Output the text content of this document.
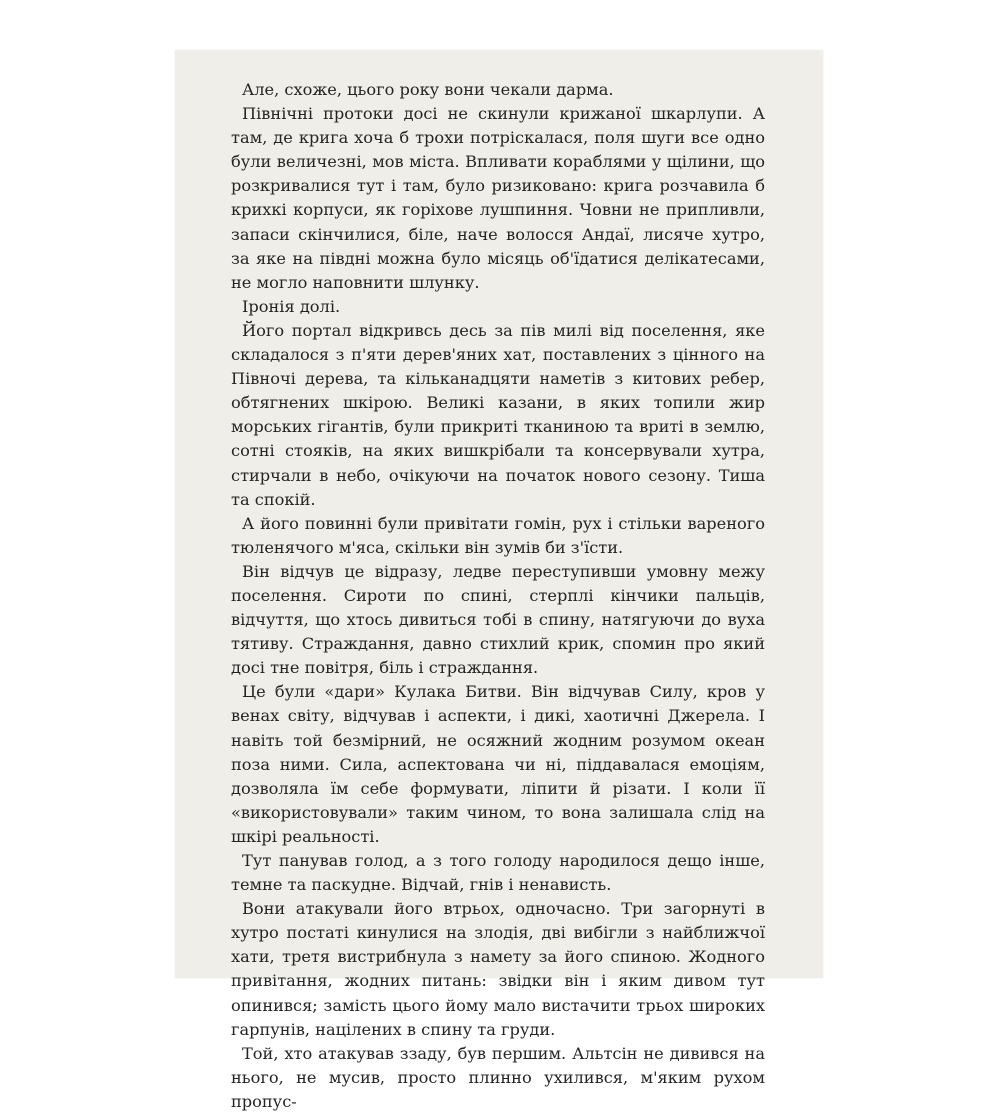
Але, схоже, цього року вони чекали дарма.

Північні протоки досі не скинули крижаної шкарлупи. А там, де крига хоча б трохи потріскалася, поля шуги все одно були величезні, мов міста. Впливати кораблями у щілини, що розкривалися тут і там, було ризиковано: крига розчавила б крихкі корпуси, як горіхове лушпиння. Човни не припливли, запаси скінчилися, біле, наче волосся Андаї, лисяче хутро, за яке на півдні можна було місяць об'їдатися делікатесами, не могло наповнити шлунку.

Іронія долі.

Його портал відкривсь десь за пів милі від поселення, яке складалося з п'яти дерев'яних хат, поставлених з цінного на Півночі дерева, та кільканадцяти наметів з китових ребер, обтягнених шкірою. Великі казани, в яких топили жир морських гігантів, були прикриті тканиною та вриті в землю, сотні стояків, на яких вишкрібали та консервували хутра, стирчали в небо, очікуючи на початок нового сезону. Тиша та спокій.

А його повинні були привітати гомін, рух і стільки вареного тюленячого м'яса, скільки він зумів би з'їсти.

Він відчув це відразу, ледве переступивши умовну межу поселення. Сироти по спині, стерплі кінчики пальців, відчуття, що хтось дивиться тобі в спину, натягуючи до вуха тятиву. Страждання, давно стихлий крик, спомин про який досі тне повітря, біль і страждання.

Це були «дари» Кулака Битви. Він відчував Силу, кров у венах світу, відчував і аспекти, і дикі, хаотичні Джерела. І навіть той безмірний, не осяжний жодним розумом океан поза ними. Сила, аспектована чи ні, піддавалася емоціям, дозволяла їм себе формувати, ліпити й різати. І коли її «використовували» таким чином, то вона залишала слід на шкірі реальності.

Тут панував голод, а з того голоду народилося дещо інше, темне та паскудне. Відчай, гнів і ненависть.

Вони атакували його втрьох, одночасно. Три загорнуті в хутро постаті кинулися на злодія, дві вибігли з найближчої хати, третя вистрибнула з намету за його спиною. Жодного привітання, жодних питань: звідки він і яким дивом тут опинився; замість цього йому мало вистачити трьох широких гарпунів, націлених в спину та груди.

Той, хто атакував ззаду, був першим. Альтсін не дивився на нього, не мусив, просто плинно ухилився, м'яким рухом пропус-
